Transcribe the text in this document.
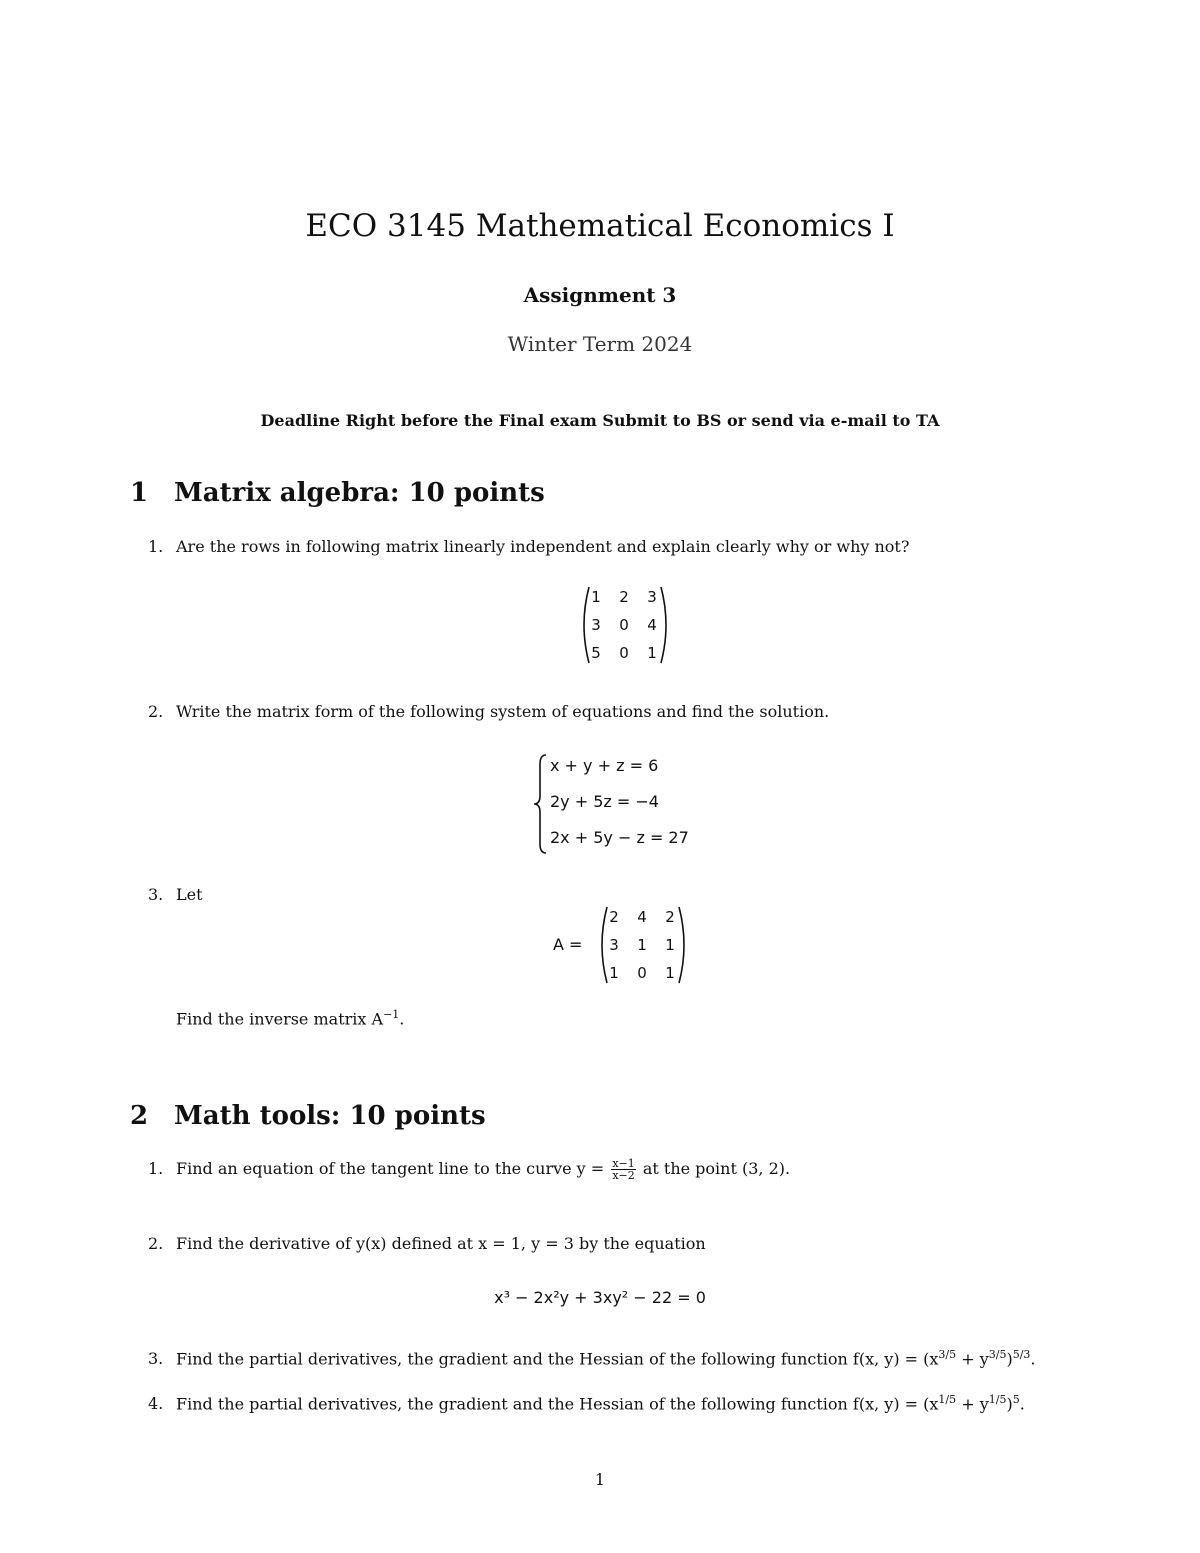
ECO 3145 Mathematical Economics I
Assignment 3
Winter Term 2024
Deadline Right before the Final exam Submit to BS or send via e-mail to TA
1 Matrix algebra: 10 points
1. Are the rows in following matrix linearly independent and explain clearly why or why not?
1	2	3
3	0	4
5	0	1
2. Write the matrix form of the following system of equations and find the solution.
x + y + z = 6
2y + 5z = −4
2x + 5y − z = 27
3. Let
A =
2	4	2
3	1	1
1	0	1
Find the inverse matrix $A^{-1}$.
2 Math tools: 10 points
1. Find an equation of the tangent line to the curve $y = \frac{x-1}{x-2}$ at the point (3, 2).
2. Find the derivative of y(x) defined at x = 1, y = 3 by the equation
x³ − 2x²y + 3xy² − 22 = 0
3. Find the partial derivatives, the gradient and the Hessian of the following function f(x, $y) = (x^{3/5} + y^{3/5})^{5/3}$.
4. Find the partial derivatives, the gradient and the Hessian of the following function f(x, $y) = (x^{1/5} + y^{1/5})^5$.
1
